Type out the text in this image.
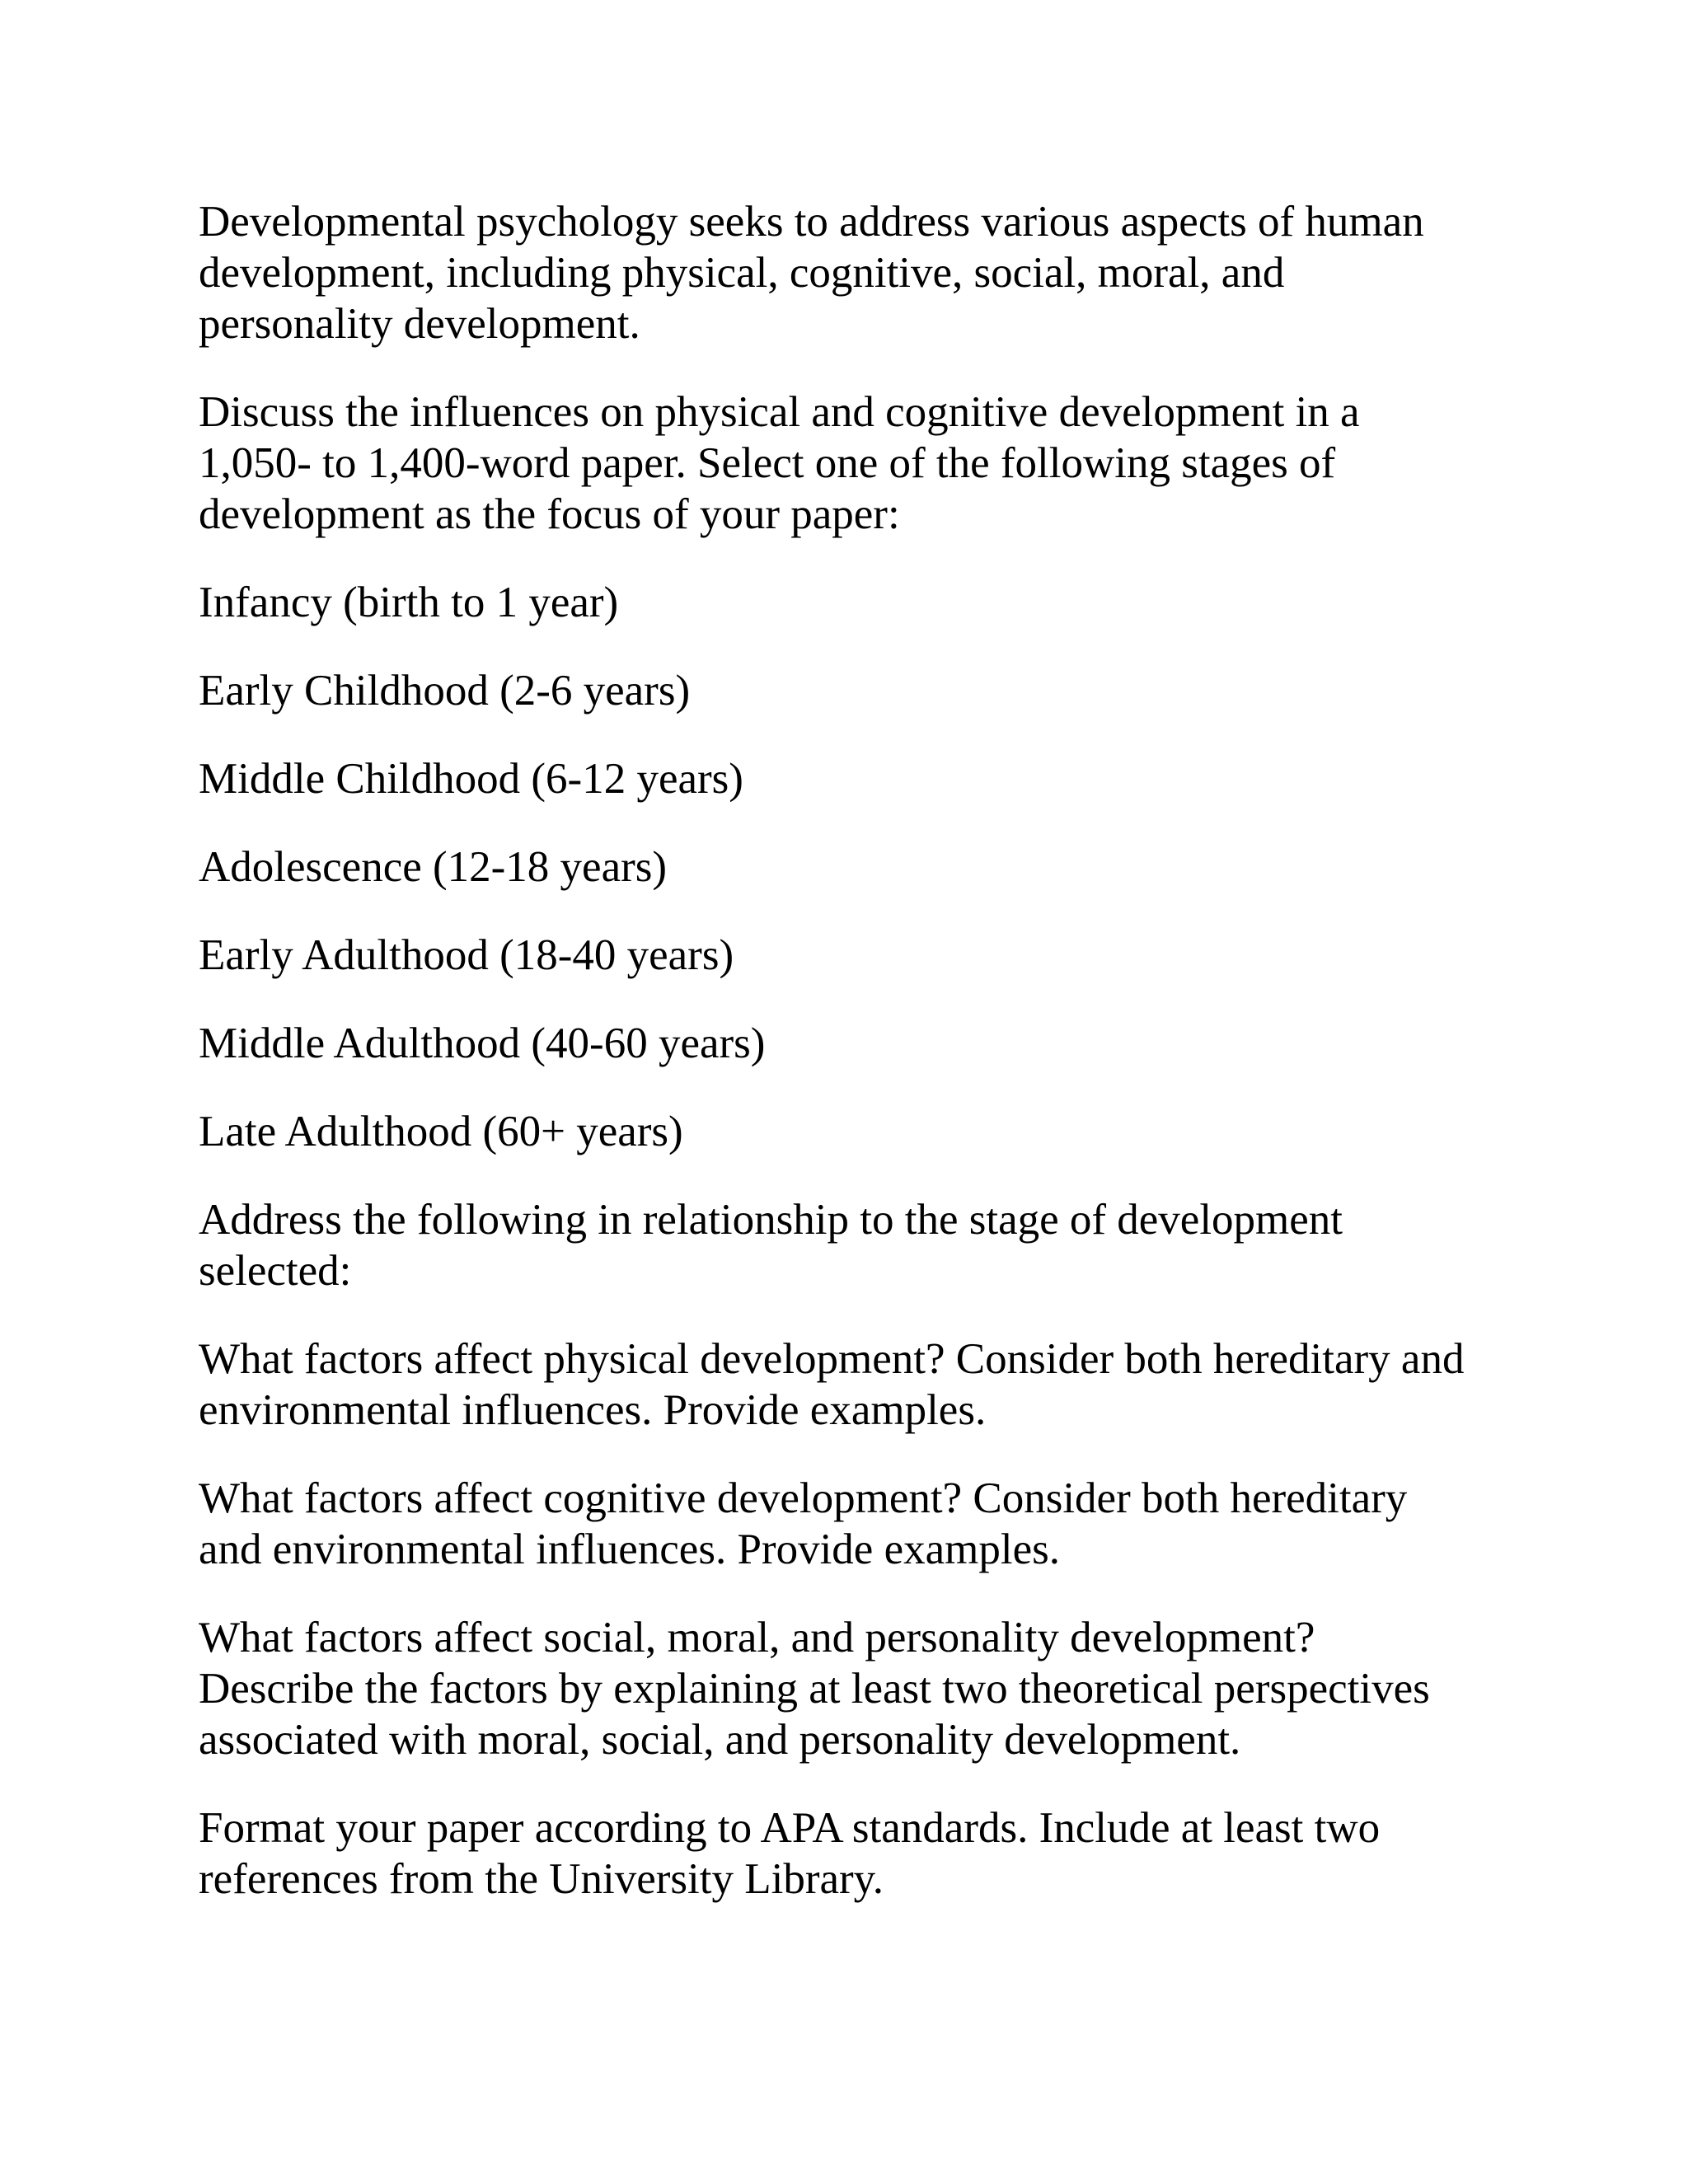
Developmental psychology seeks to address various aspects of human
development, including physical, cognitive, social, moral, and
personality development.

Discuss the influences on physical and cognitive development in a
1,050- to 1,400-word paper. Select one of the following stages of
development as the focus of your paper:

Infancy (birth to 1 year)

Early Childhood (2-6 years)

Middle Childhood (6-12 years)

Adolescence (12-18 years)

Early Adulthood (18-40 years)

Middle Adulthood (40-60 years)

Late Adulthood (60+ years)

Address the following in relationship to the stage of development
selected:

What factors affect physical development? Consider both hereditary and
environmental influences. Provide examples.

What factors affect cognitive development? Consider both hereditary
and environmental influences. Provide examples.

What factors affect social, moral, and personality development?
Describe the factors by explaining at least two theoretical perspectives
associated with moral, social, and personality development.

Format your paper according to APA standards. Include at least two
references from the University Library.
